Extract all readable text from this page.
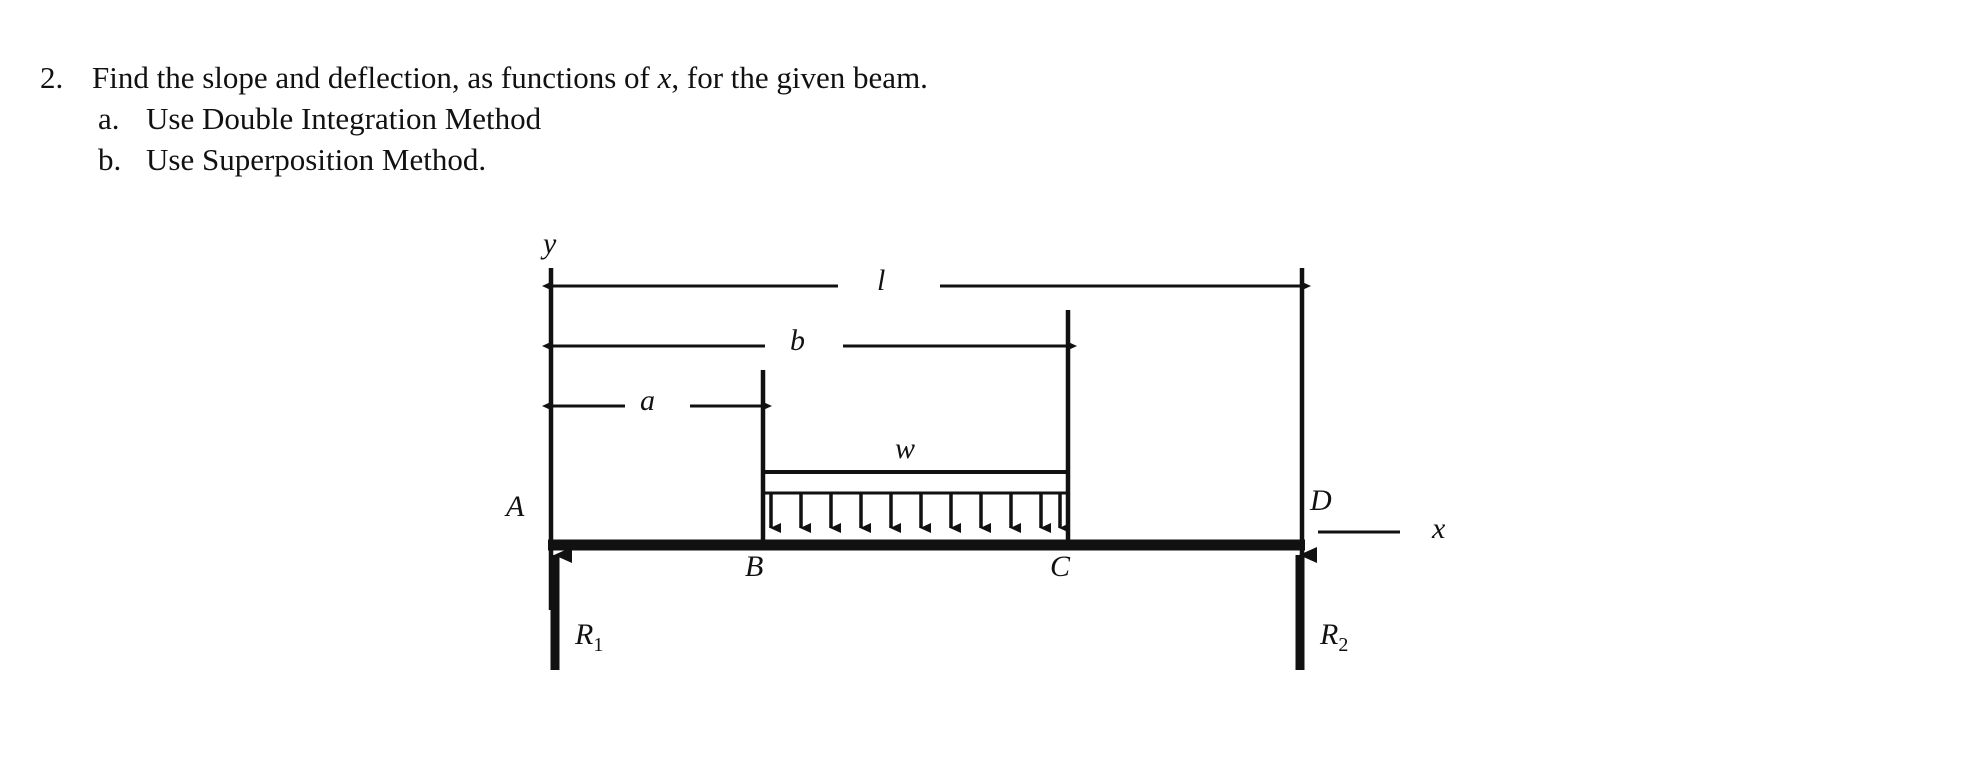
2. Find the slope and deflection, as functions of x, for the given beam.
a. Use Double Integration Method
b. Use Superposition Method.
y
x
l
b
a
w
A
B	C
D
$R_1$	$R_2$
